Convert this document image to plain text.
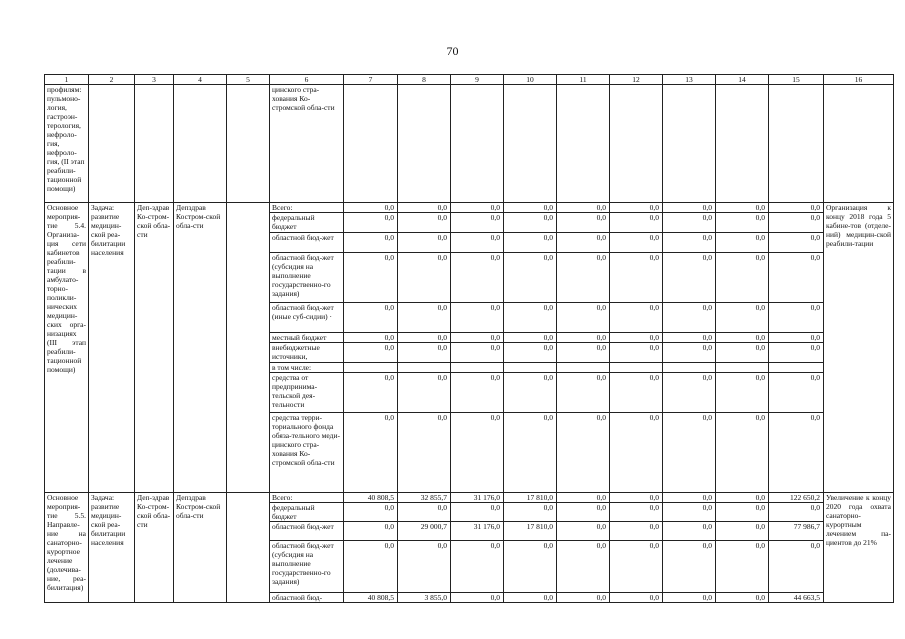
70
1	2	3	4	5	6	7	8	9	10	11	12	13	14	15	16
профилям: пульмоно-логия, гастроэн-терология, нефроло-гия, нефроло-гия, (II этап реабили-тационной помощи)					цинского стра-хования Ко-стромской обла-сти										
Основное мероприя-тие 5.4. Организа-ция сети кабинетов реабили-тации в амбулато-торно-поликли-нических медицин-ских орга-низациях (III этап реабили-тационной помощи)	Задача: развитие медицин-ской реа-билитации населения	Деп-здрав Ко-стром-ской обла-сти	Депздрав Костром-ской обла-сти		Всего:	0,0	0,0	0,0	0,0	0,0	0,0	0,0	0,0	0,0	Организация к концу 2018 года 5 кабине-тов (отделе-ний) медицин-ской реабили-тации
					федеральный бюджет	0,0	0,0	0,0	0,0	0,0	0,0	0,0	0,0	0,0	
					областной бюд-жет	0,0	0,0	0,0	0,0	0,0	0,0	0,0	0,0	0,0	
					областной бюд-жет (субсидия на выполнение государственно-го задания)	0,0	0,0	0,0	0,0	0,0	0,0	0,0	0,0	0,0	
					областной бюд-жет (иные суб-сидии) ·	0,0	0,0	0,0	0,0	0,0	0,0	0,0	0,0	0,0	
					местный бюджет	0,0	0,0	0,0	0,0	0,0	0,0	0,0	0,0	0,0	
					внебюджетные источники,	0,0	0,0	0,0	0,0	0,0	0,0	0,0	0,0	0,0	
					в том числе:										
					средства от предпринима-тельской дея-тельности	0,0	0,0	0,0	0,0	0,0	0,0	0,0	0,0	0,0	
					средства терри-ториального фонда обяза-тельного меди-цинского стра-хования Ко-стромской обла-сти	0,0	0,0	0,0	0,0	0,0	0,0	0,0	0,0	0,0	
Основное мероприя-тие 5.5. Направле-ние на санаторно-курортное лечение (долечива-ние, реа-билитация)	Задача: развитие медицин-ской реа-билитации населения	Деп-здрав Ко-стром-ской обла-сти	Депздрав Костром-ской обла-сти		Всего:	40 808,5	32 855,7	31 176,0	17 810,0	0,0	0,0	0,0	0,0	122 650,2	Увеличение к концу 2020 года охвата санаторно-курортным лечением па-циентов до 21%
					федеральный бюджет	0,0	0,0	0,0	0,0	0,0	0,0	0,0	0,0	0,0	
					областной бюд-жет	0,0	29 000,7	31 176,0	17 810,0	0,0	0,0	0,0	0,0	77 986,7	
					областной бюд-жет (субсидия на выполнение государственно-го задания)	0,0	0,0	0,0	0,0	0,0	0,0	0,0	0,0	0,0	
					областной бюд-	40 808,5	3 855,0	0,0	0,0	0,0	0,0	0,0	0,0	44 663,5	
